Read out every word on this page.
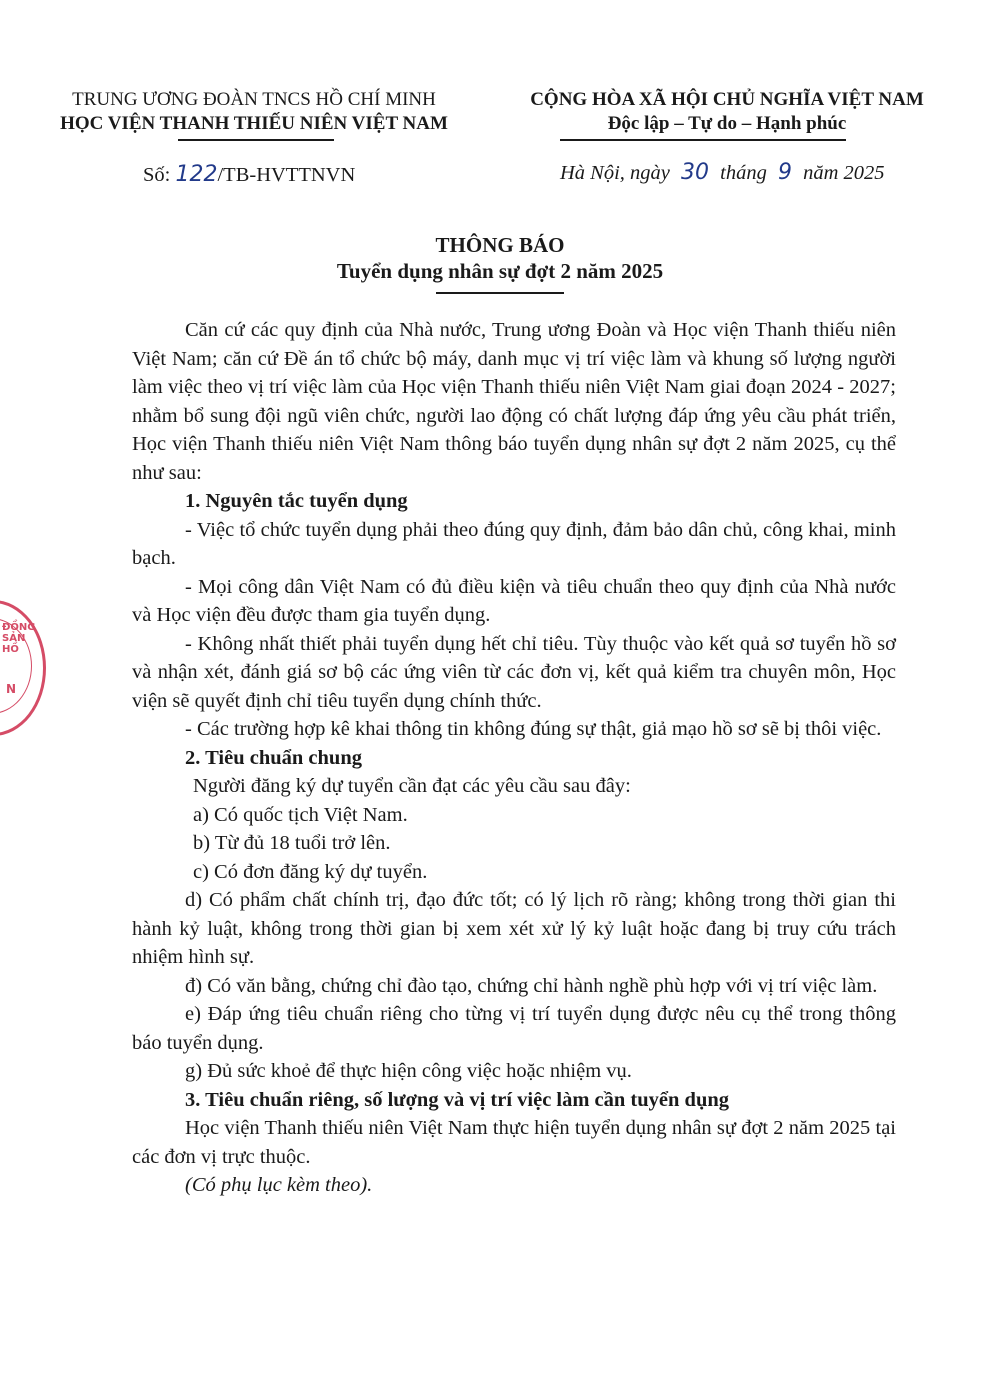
TRUNG ƯƠNG ĐOÀN TNCS HỒ CHÍ MINH
HỌC VIỆN THANH THIẾU NIÊN VIỆT NAM
CỘNG HÒA XÃ HỘI CHỦ NGHĨA VIỆT NAM
Độc lập – Tự do – Hạnh phúc
Số: 122/TB-HVTTNVN	Hà Nội, ngày 30 tháng 9 năm 2025
THÔNG BÁO
Tuyển dụng nhân sự đợt 2 năm 2025

Căn cứ các quy định của Nhà nước, Trung ương Đoàn và Học viện Thanh thiếu niên Việt Nam; căn cứ Đề án tổ chức bộ máy, danh mục vị trí việc làm và khung số lượng người làm việc theo vị trí việc làm của Học viện Thanh thiếu niên Việt Nam giai đoạn 2024 - 2027; nhằm bổ sung đội ngũ viên chức, người lao động có chất lượng đáp ứng yêu cầu phát triển, Học viện Thanh thiếu niên Việt Nam thông báo tuyển dụng nhân sự đợt 2 năm 2025, cụ thể như sau:

1. Nguyên tắc tuyển dụng

- Việc tổ chức tuyển dụng phải theo đúng quy định, đảm bảo dân chủ, công khai, minh bạch.

- Mọi công dân Việt Nam có đủ điều kiện và tiêu chuẩn theo quy định của Nhà nước và Học viện đều được tham gia tuyển dụng.

- Không nhất thiết phải tuyển dụng hết chỉ tiêu. Tùy thuộc vào kết quả sơ tuyển hồ sơ và nhận xét, đánh giá sơ bộ các ứng viên từ các đơn vị, kết quả kiểm tra chuyên môn, Học viện sẽ quyết định chỉ tiêu tuyển dụng chính thức.

- Các trường hợp kê khai thông tin không đúng sự thật, giả mạo hồ sơ sẽ bị thôi việc.

2. Tiêu chuẩn chung

Người đăng ký dự tuyển cần đạt các yêu cầu sau đây:

a) Có quốc tịch Việt Nam.

b) Từ đủ 18 tuổi trở lên.

c) Có đơn đăng ký dự tuyển.

d) Có phẩm chất chính trị, đạo đức tốt; có lý lịch rõ ràng; không trong thời gian thi hành kỷ luật, không trong thời gian bị xem xét xử lý kỷ luật hoặc đang bị truy cứu trách nhiệm hình sự.

đ) Có văn bằng, chứng chỉ đào tạo, chứng chỉ hành nghề phù hợp với vị trí việc làm.

e) Đáp ứng tiêu chuẩn riêng cho từng vị trí tuyển dụng được nêu cụ thể trong thông báo tuyển dụng.

g) Đủ sức khoẻ để thực hiện công việc hoặc nhiệm vụ.

3. Tiêu chuẩn riêng, số lượng và vị trí việc làm cần tuyển dụng

Học viện Thanh thiếu niên Việt Nam thực hiện tuyển dụng nhân sự đợt 2 năm 2025 tại các đơn vị trực thuộc.

(Có phụ lục kèm theo).

ĐỒNG SẢN HỒ
N
